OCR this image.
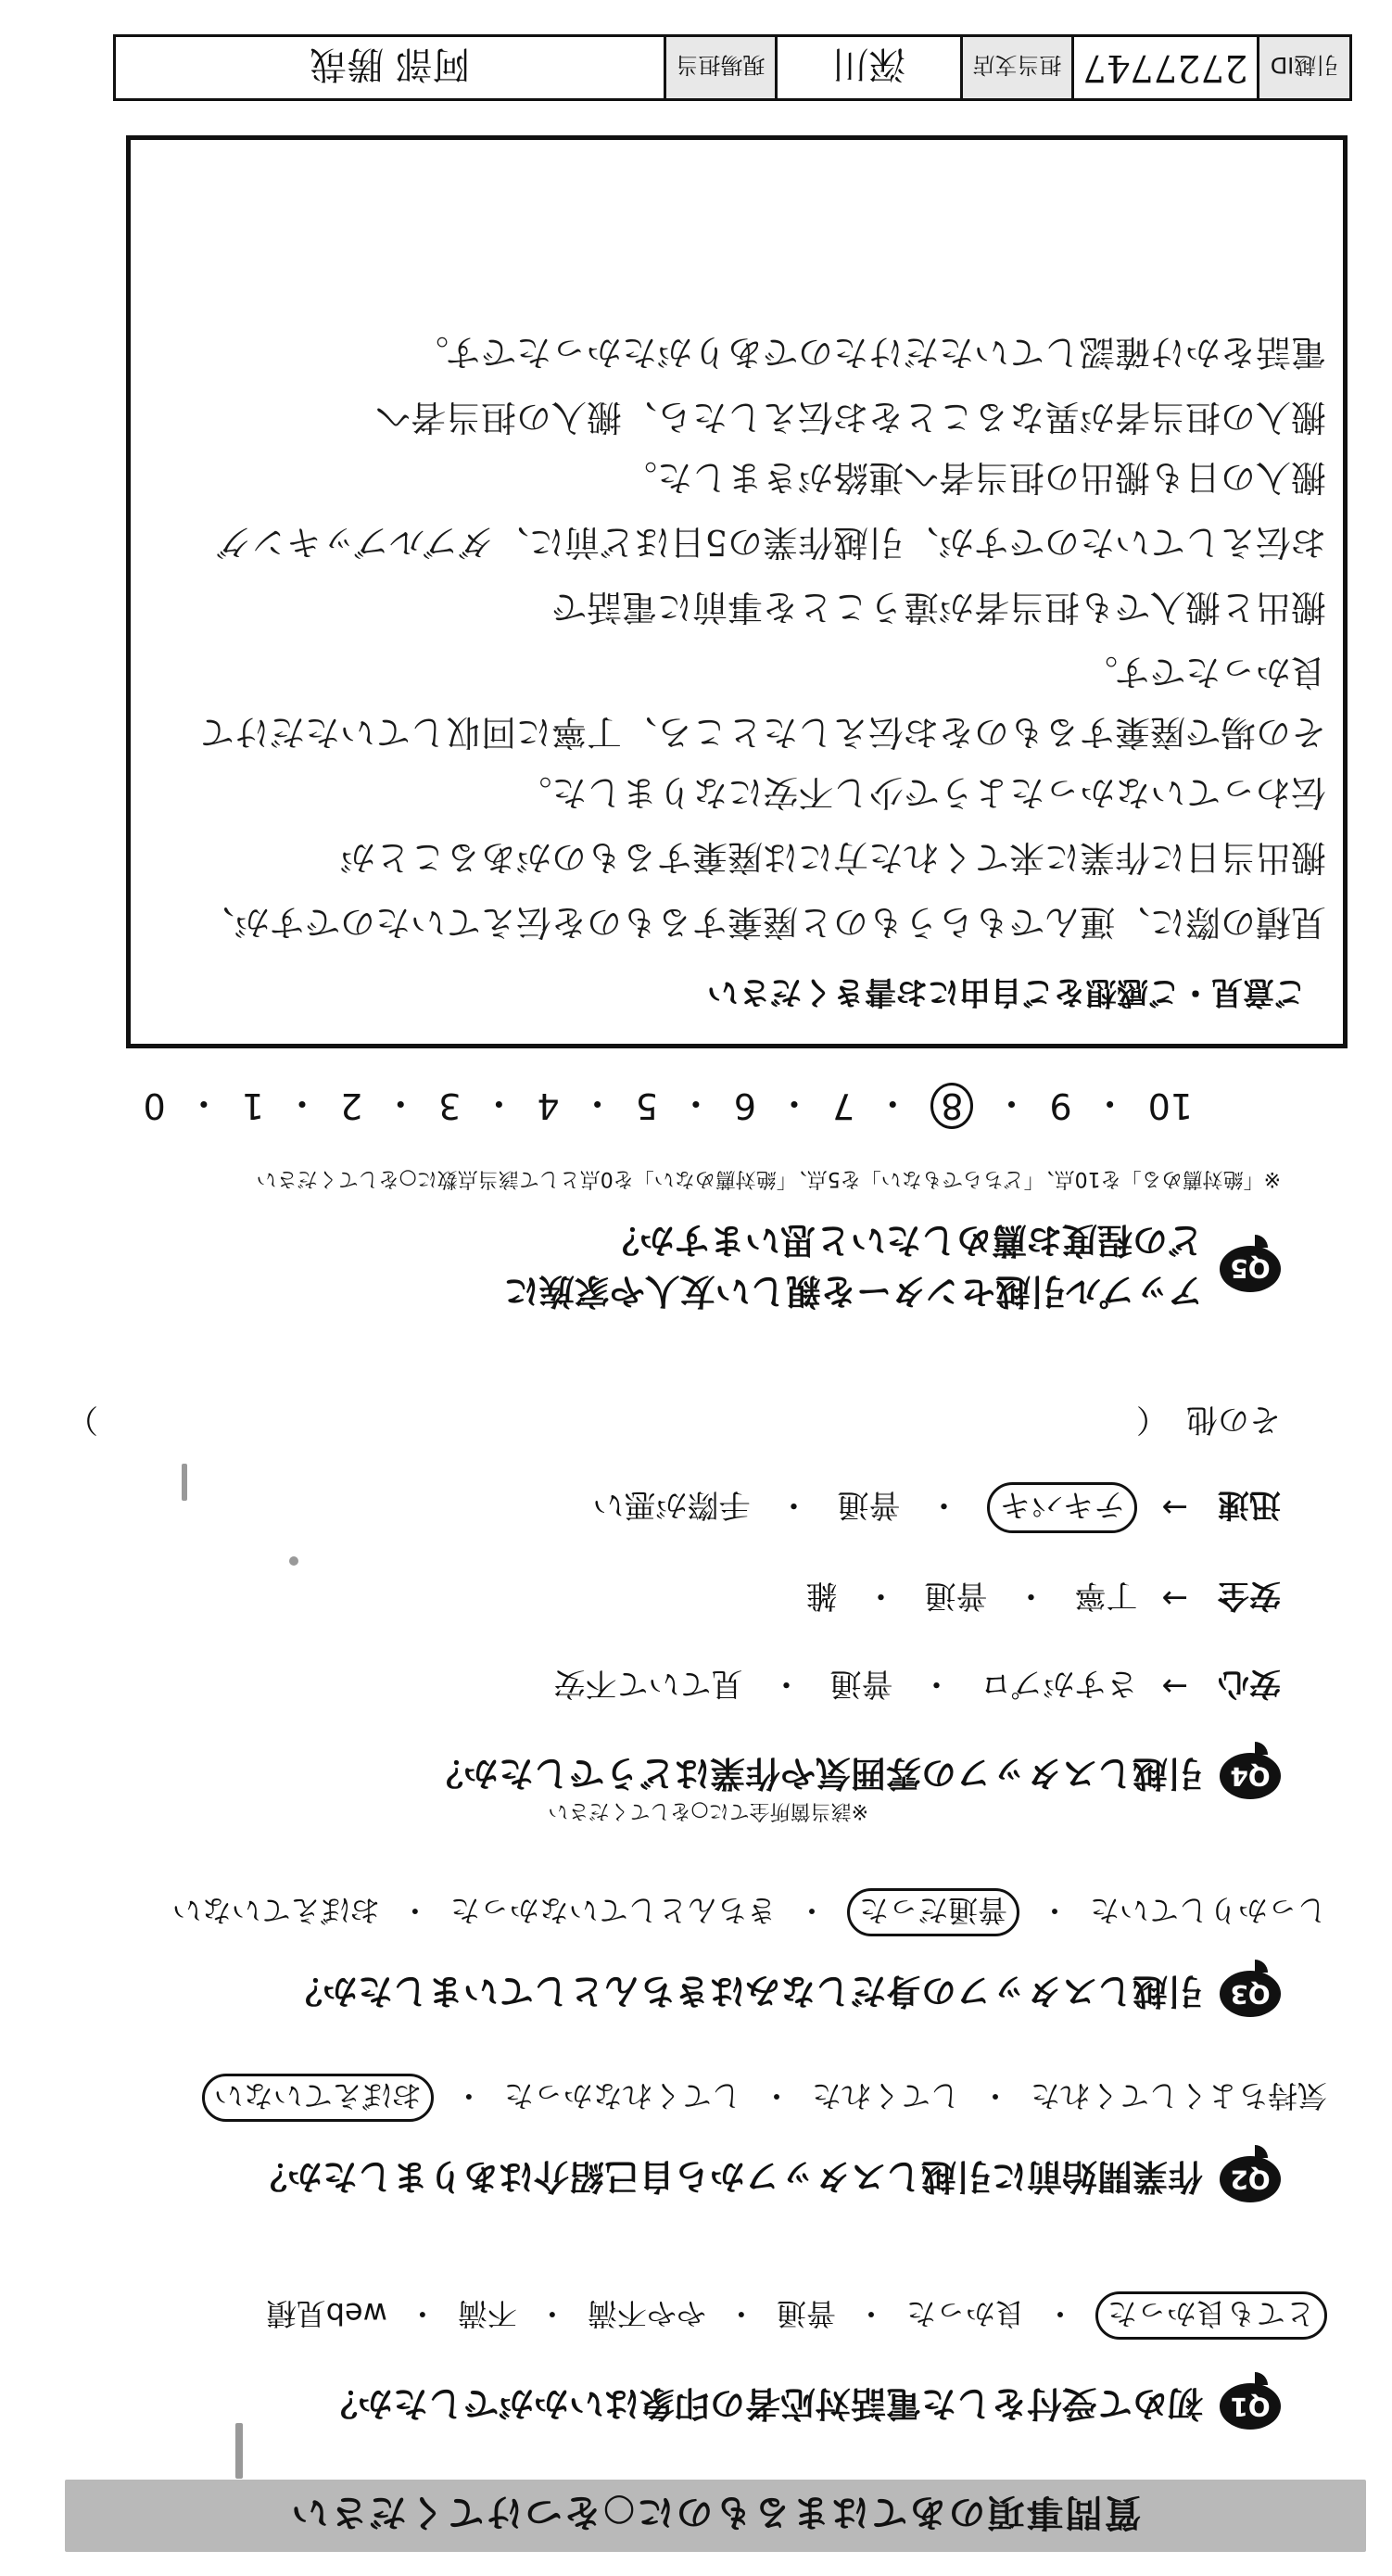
質問事項のあてはまるものに○をつけてください
Q1
初めて受付をした電話対応者の印象はいかがでしたか？
とても良かった
・
良かった
・
普通
・
やや不満
・
不満
・
web見積
Q2
作業開始前に引越しスタッフから自己紹介はありましたか？
気持ちよくしてくれた
・
してくれた
・
してくれなかった
・
おぼえていない
Q3
引越しスタッフの身だしなみはきちんとしていましたか？
しっかりしていた
・
普通だった
・
きちんとしていなかった
・
おぼえていない
Q4
引越しスタッフの雰囲気や作業はどうでしたか？
※該当箇所全てに○をしてください
安心
→
さすがプロ
・
普通
・
見ていて不安
安全
→
丁寧
・
普通
・
雑
迅速
→
テキパキ
・
普通
・
手際が悪い
その他
（
）
Q5
アップル引越センターを親しい友人や家族に
どの程度お薦めしたいと思いますか？
※「絶対薦める」を10点、「どちらでもない」を5点、「絶対薦めない」を0点として該当点数に○をしてください
10
・
9
・
8
・
7
・
6
・
5
・
4
・
3
・
2
・
1
・
0
ご意見・ご感想をご自由にお書きください
見積の際に、運んでもらうものと廃棄するものを伝えていたのですが、
搬出当日に作業に来てくれた方には廃棄するものがあることが
伝わっていなかったようで少し不安になりました。
その場で廃棄するものをお伝えしたところ、丁寧に回収していただけて
良かったです。
搬出と搬入でも担当者が違うことを事前に電話で
お伝えしていたのですが、引越作業の5日ほど前に、ダブルブッキング
搬入の日も搬出の担当者へ連絡がきました。
搬入の担当者が異なることをお伝えしたら、搬入の担当者へ
電話をかけ確認していただけたのでありがたかったです。
引越ID
2727747
担当支店
深川
現場担当
阿部 勝哉
